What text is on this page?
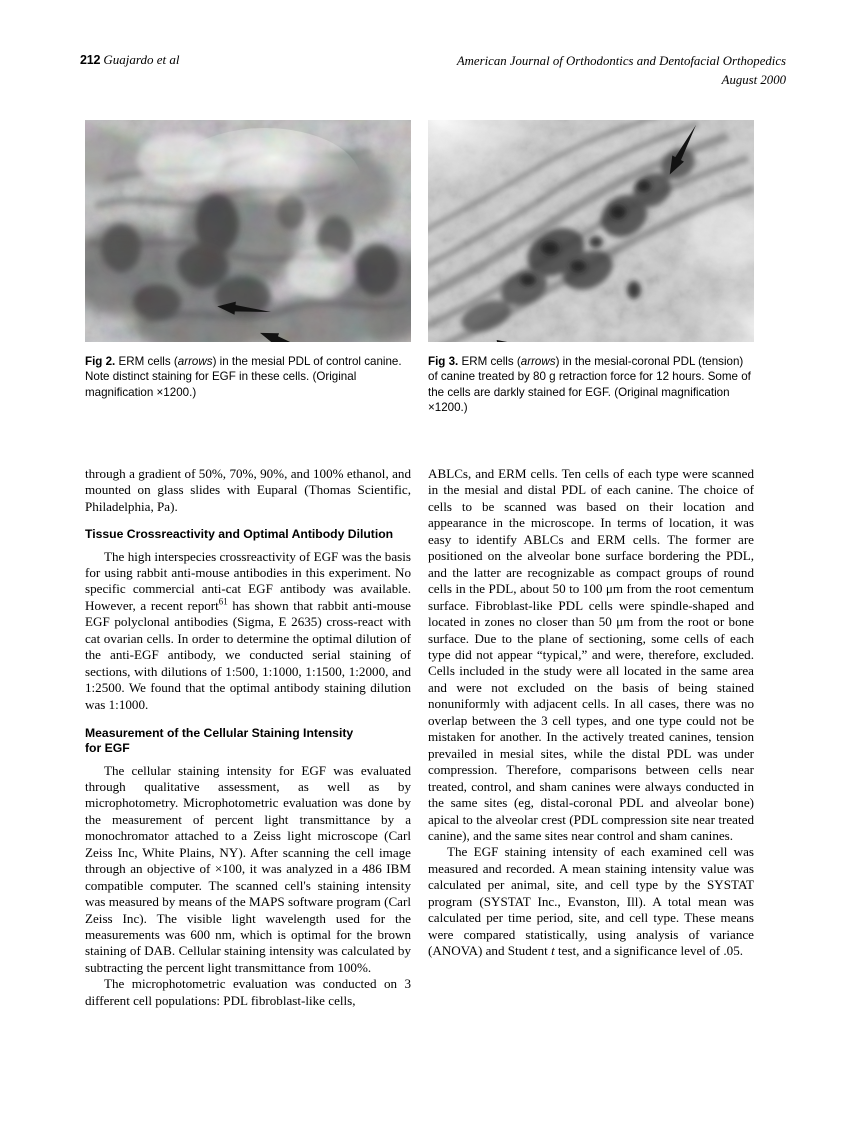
212 Guajardo et al	American Journal of Orthodontics and Dentofacial Orthopedics
August 2000
Fig 2. ERM cells (arrows) in the mesial PDL of control canine. Note distinct staining for EGF in these cells. (Original magnification ×1200.)
Fig 3. ERM cells (arrows) in the mesial-coronal PDL (tension) of canine treated by 80 g retraction force for 12 hours. Some of the cells are darkly stained for EGF. (Original magnification ×1200.)

through a gradient of 50%, 70%, 90%, and 100% ethanol, and mounted on glass slides with Euparal (Thomas Scientific, Philadelphia, Pa).

Tissue Crossreactivity and Optimal Antibody Dilution

The high interspecies crossreactivity of EGF was the basis for using rabbit anti-mouse antibodies in this experiment. No specific commercial anti-cat EGF antibody was available. However, a recent report$^{61}$ has shown that rabbit anti-mouse EGF polyclonal antibodies (Sigma, E 2635) cross-react with cat ovarian cells. In order to determine the optimal dilution of the anti-EGF antibody, we conducted serial staining of sections, with dilutions of 1:500, 1:1000, 1:1500, 1:2000, and 1:2500. We found that the optimal antibody staining dilution was 1:1000.

Measurement of the Cellular Staining Intensity
for EGF

The cellular staining intensity for EGF was evaluated through qualitative assessment, as well as by microphotometry. Microphotometric evaluation was done by the measurement of percent light transmittance by a monochromator attached to a Zeiss light microscope (Carl Zeiss Inc, White Plains, NY). After scanning the cell image through an objective of ×100, it was analyzed in a 486 IBM compatible computer. The scanned cell's staining intensity was measured by means of the MAPS software program (Carl Zeiss Inc). The visible light wavelength used for the measurements was 600 nm, which is optimal for the brown staining of DAB. Cellular staining intensity was calculated by subtracting the percent light transmittance from 100%.

The microphotometric evaluation was conducted on 3 different cell populations: PDL fibroblast-like cells,

ABLCs, and ERM cells. Ten cells of each type were scanned in the mesial and distal PDL of each canine. The choice of cells to be scanned was based on their location and appearance in the microscope. In terms of location, it was easy to identify ABLCs and ERM cells. The former are positioned on the alveolar bone surface bordering the PDL, and the latter are recognizable as compact groups of round cells in the PDL, about 50 to 100 μm from the root cementum surface. Fibroblast-like PDL cells were spindle-shaped and located in zones no closer than 50 μm from the root or bone surface. Due to the plane of sectioning, some cells of each type did not appear “typical,” and were, therefore, excluded. Cells included in the study were all located in the same area and were not excluded on the basis of being stained nonuniformly with adjacent cells. In all cases, there was no overlap between the 3 cell types, and one type could not be mistaken for another. In the actively treated canines, tension prevailed in mesial sites, while the distal PDL was under compression. Therefore, comparisons between cells near treated, control, and sham canines were always conducted in the same sites (eg, distal-coronal PDL and alveolar bone) apical to the alveolar crest (PDL compression site near treated canine), and the same sites near control and sham canines.

The EGF staining intensity of each examined cell was measured and recorded. A mean staining intensity value was calculated per animal, site, and cell type by the SYSTAT program (SYSTAT Inc., Evanston, Ill). A total mean was calculated per time period, site, and cell type. These means were compared statistically, using analysis of variance (ANOVA) and Student t test, and a significance level of .05.
